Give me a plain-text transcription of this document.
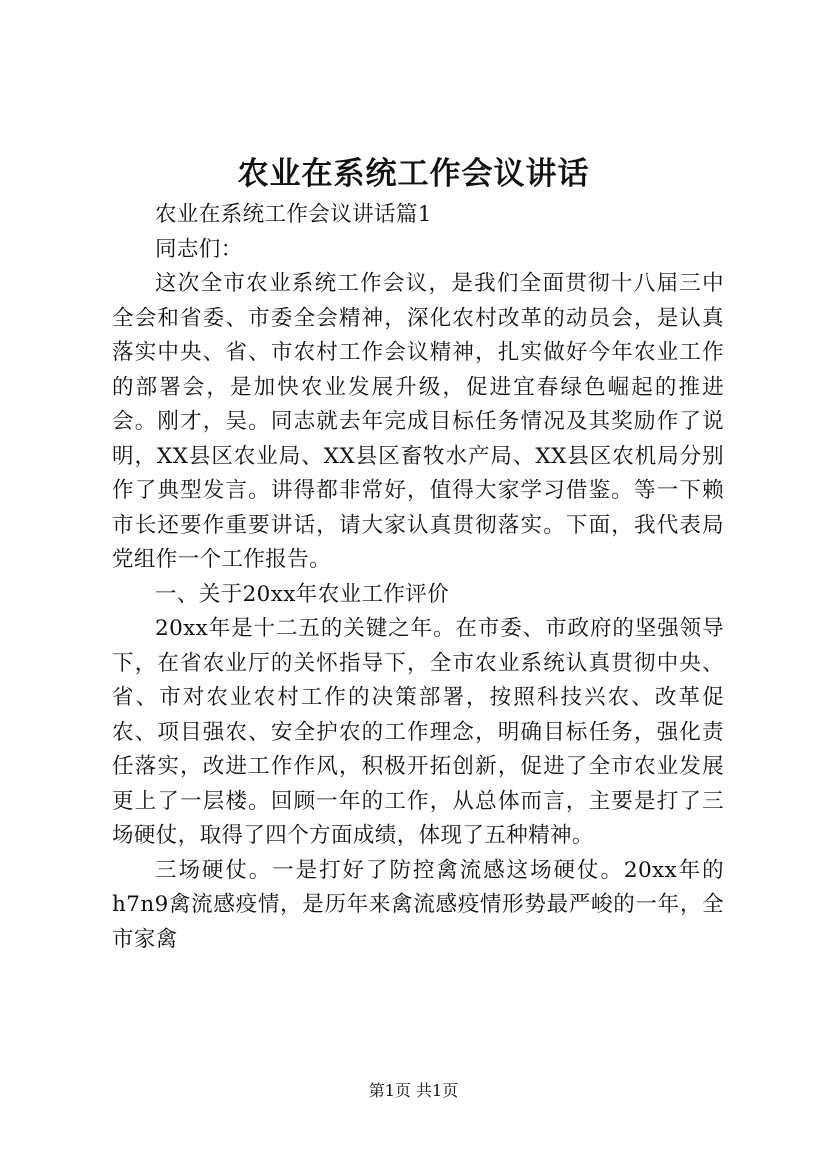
农业在系统工作会议讲话

农业在系统工作会议讲话篇1

同志们：

这次全市农业系统工作会议，是我们全面贯彻十八届三中全会和省委、市委全会精神，深化农村改革的动员会，是认真落实中央、省、市农村工作会议精神，扎实做好今年农业工作的部署会，是加快农业发展升级，促进宜春绿色崛起的推进会。刚才，吴。同志就去年完成目标任务情况及其奖励作了说明，XX县区农业局、XX县区畜牧水产局、XX县区农机局分别作了典型发言。讲得都非常好，值得大家学习借鉴。等一下赖市长还要作重要讲话，请大家认真贯彻落实。下面，我代表局党组作一个工作报告。

一、关于20xx年农业工作评价

20xx年是十二五的关键之年。在市委、市政府的坚强领导下，在省农业厅的关怀指导下，全市农业系统认真贯彻中央、省、市对农业农村工作的决策部署，按照科技兴农、改革促农、项目强农、安全护农的工作理念，明确目标任务，强化责任落实，改进工作作风，积极开拓创新，促进了全市农业发展更上了一层楼。回顾一年的工作，从总体而言，主要是打了三场硬仗，取得了四个方面成绩，体现了五种精神。

三场硬仗。一是打好了防控禽流感这场硬仗。20xx年的h7n9禽流感疫情，是历年来禽流感疫情形势最严峻的一年，全市家禽

第1页 共1页
